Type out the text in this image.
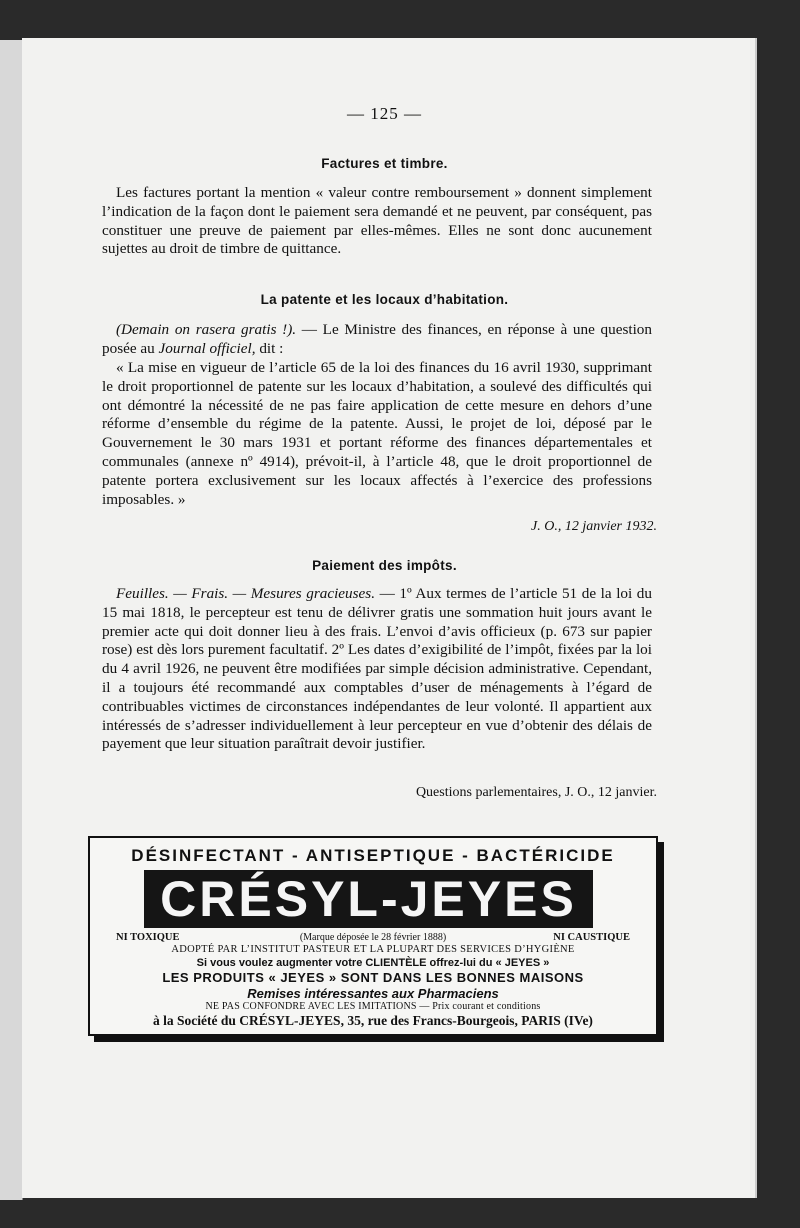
— 125 —
Factures et timbre.
Les factures portant la mention « valeur contre remboursement » donnent simplement l’indication de la façon dont le paiement sera demandé et ne peuvent, par conséquent, pas constituer une preuve de paiement par elles-mêmes. Elles ne sont donc aucunement sujettes au droit de timbre de quittance.
La patente et les locaux d’habitation.
(Demain on rasera gratis !). — Le Ministre des finances, en réponse à une question posée au Journal officiel, dit :
« La mise en vigueur de l’article 65 de la loi des finances du 16 avril 1930, supprimant le droit proportionnel de patente sur les locaux d’habitation, a soulevé des difficultés qui ont démontré la nécessité de ne pas faire application de cette mesure en dehors d’une réforme d’ensemble du régime de la patente. Aussi, le projet de loi, déposé par le Gouvernement le 30 mars 1931 et portant réforme des finances départementales et communales (annexe nº 4914), prévoit-il, à l’article 48, que le droit proportionnel de patente portera exclusivement sur les locaux affectés à l’exercice des professions imposables. »
J. O., 12 janvier 1932.
Paiement des impôts.
Feuilles. — Frais. — Mesures gracieuses. — 1º Aux termes de l’article 51 de la loi du 15 mai 1818, le percepteur est tenu de délivrer gratis une sommation huit jours avant le premier acte qui doit donner lieu à des frais. L’envoi d’avis officieux (p. 673 sur papier rose) est dès lors purement facultatif. 2º Les dates d’exigibilité de l’impôt, fixées par la loi du 4 avril 1926, ne peuvent être modifiées par simple décision administrative. Cependant, il a toujours été recommandé aux comptables d’user de ménagements à l’égard de contribuables victimes de circonstances indépendantes de leur volonté. Il appartient aux intéressés de s’adresser individuellement à leur percepteur en vue d’obtenir des délais de payement que leur situation paraîtrait devoir justifier.
Questions parlementaires, J. O., 12 janvier.
DÉSINFECTANT - ANTISEPTIQUE - BACTÉRICIDE
CRÉSYL-JEYES
NI TOXIQUE	(Marque déposée le 28 février 1888)	NI CAUSTIQUE
ADOPTÉ PAR L’INSTITUT PASTEUR ET LA PLUPART DES SERVICES D’HYGIÈNE
Si vous voulez augmenter votre CLIENTÈLE offrez-lui du « JEYES »
LES PRODUITS « JEYES » SONT DANS LES BONNES MAISONS
Remises intéressantes aux Pharmaciens
NE PAS CONFONDRE AVEC LES IMITATIONS — Prix courant et conditions
à la Société du CRÉSYL-JEYES, 35, rue des Francs-Bourgeois, PARIS (IVe)
